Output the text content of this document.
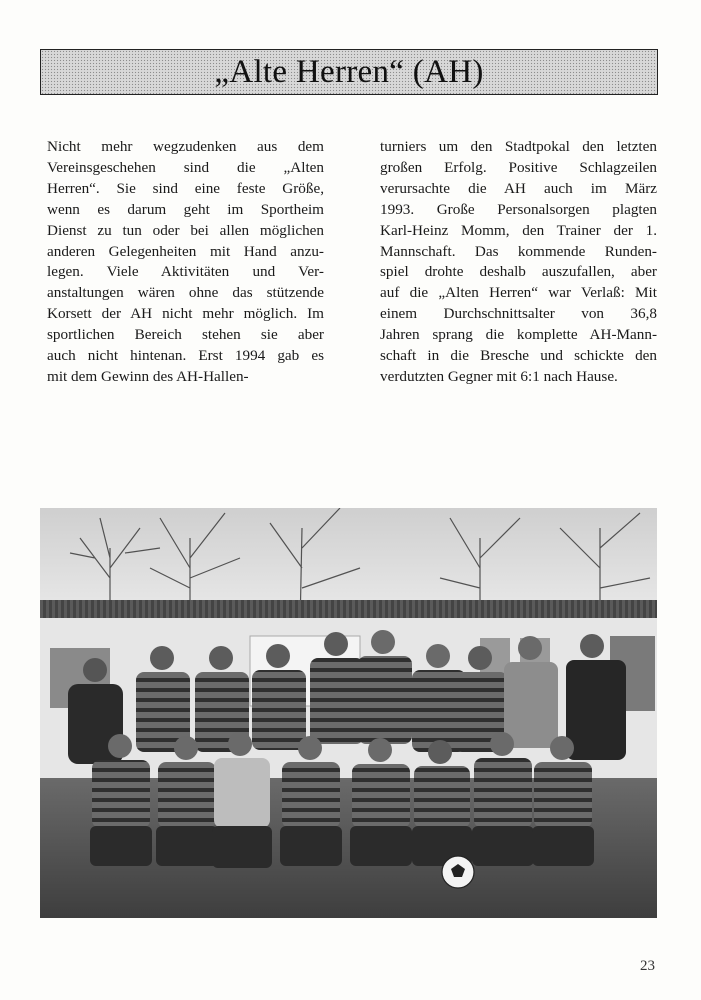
„Alte Herren“ (AH)
Nicht mehr wegzudenken aus dem
Vereinsgeschehen sind die „Alten
Herren“. Sie sind eine feste Größe,
wenn es darum geht im Sportheim
Dienst zu tun oder bei allen möglichen
anderen Gelegenheiten mit Hand anzu-
legen. Viele Aktivitäten und Ver-
anstaltungen wären ohne das stützende
Korsett der AH nicht mehr möglich. Im
sportlichen Bereich stehen sie aber
auch nicht hintenan. Erst 1994 gab es
mit dem Gewinn des AH-Hallen-
turniers um den Stadtpokal den letzten
großen Erfolg. Positive Schlagzeilen
verursachte die AH auch im März
1993. Große Personalsorgen plagten
Karl-Heinz Momm, den Trainer der 1.
Mannschaft. Das kommende Runden-
spiel drohte deshalb auszufallen, aber
auf die „Alten Herren“ war Verlaß: Mit
einem Durchschnittsalter von 36,8
Jahren sprang die komplette AH-Mann-
schaft in die Bresche und schickte den
verdutzten Gegner mit 6:1 nach Hause.
23
